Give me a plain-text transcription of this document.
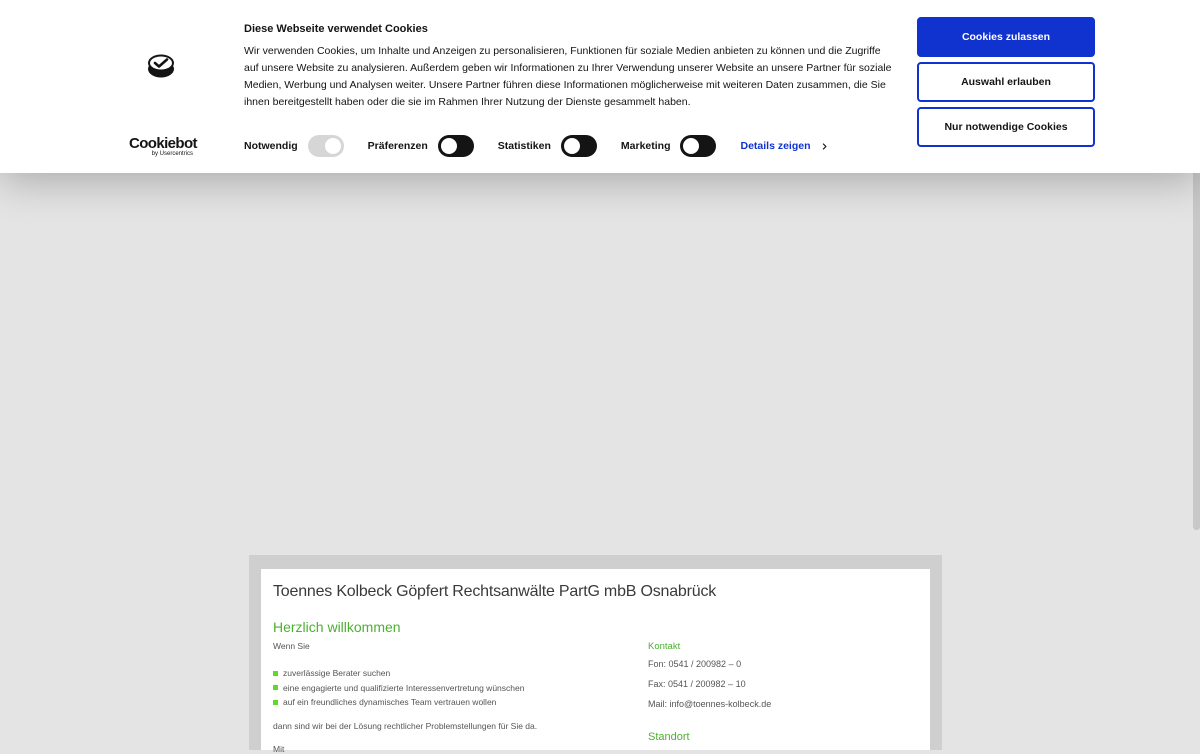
Cookiebot
by Usercentrics
Diese Webseite verwendet Cookies
Wir verwenden Cookies, um Inhalte und Anzeigen zu personalisieren, Funktionen für soziale Medien anbieten zu können und die Zugriffe auf unsere Website zu analysieren. Außerdem geben wir Informationen zu Ihrer Verwendung unserer Website an unsere Partner für soziale Medien, Werbung und Analysen weiter. Unsere Partner führen diese Informationen möglicherweise mit weiteren Daten zusammen, die Sie ihnen bereitgestellt haben oder die sie im Rahmen Ihrer Nutzung der Dienste gesammelt haben.
Notwendig	Präferenzen	Statistiken	Marketing	Details zeigen
Cookies zulassen
Auswahl erlauben
Nur notwendige Cookies
Toennes Kolbeck Göpfert Rechtsanwälte PartG mbB Osnabrück
Herzlich willkommen
Wenn Sie
zuverlässige Berater suchen
eine engagierte und qualifizierte Interessenvertretung wünschen
auf ein freundliches dynamisches Team vertrauen wollen
dann sind wir bei der Lösung rechtlicher Problemstellungen für Sie da.
Mit
Kontakt
Fon: 0541 / 200982 – 0
Fax: 0541 / 200982 – 10
Mail: info@toennes-kolbeck.de
Standort
